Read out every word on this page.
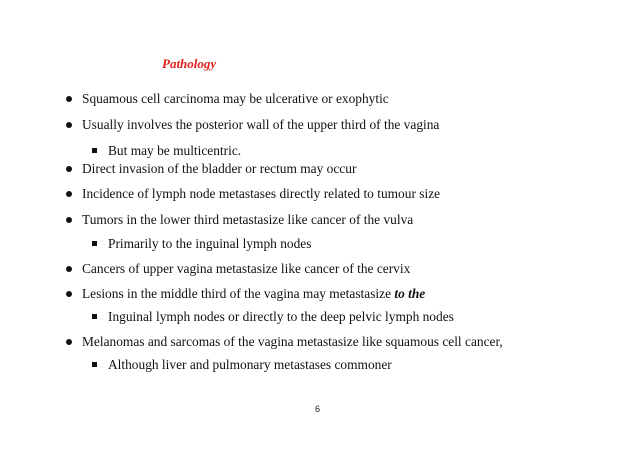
Pathology
Squamous cell carcinoma may be ulcerative or exophytic
Usually involves the posterior wall of the upper third of the vagina
But may be multicentric.
Direct invasion of the bladder or rectum may occur
Incidence of lymph node metastases directly related to tumour size
Tumors in the lower third metastasize like cancer of the vulva
Primarily to the inguinal lymph nodes
Cancers of upper vagina metastasize like cancer of the cervix
Lesions in the middle third of the vagina may metastasize to the
Inguinal lymph nodes or directly to the deep pelvic lymph nodes
Melanomas and sarcomas of the vagina metastasize like squamous cell cancer,
Although liver and pulmonary metastases commoner
6
